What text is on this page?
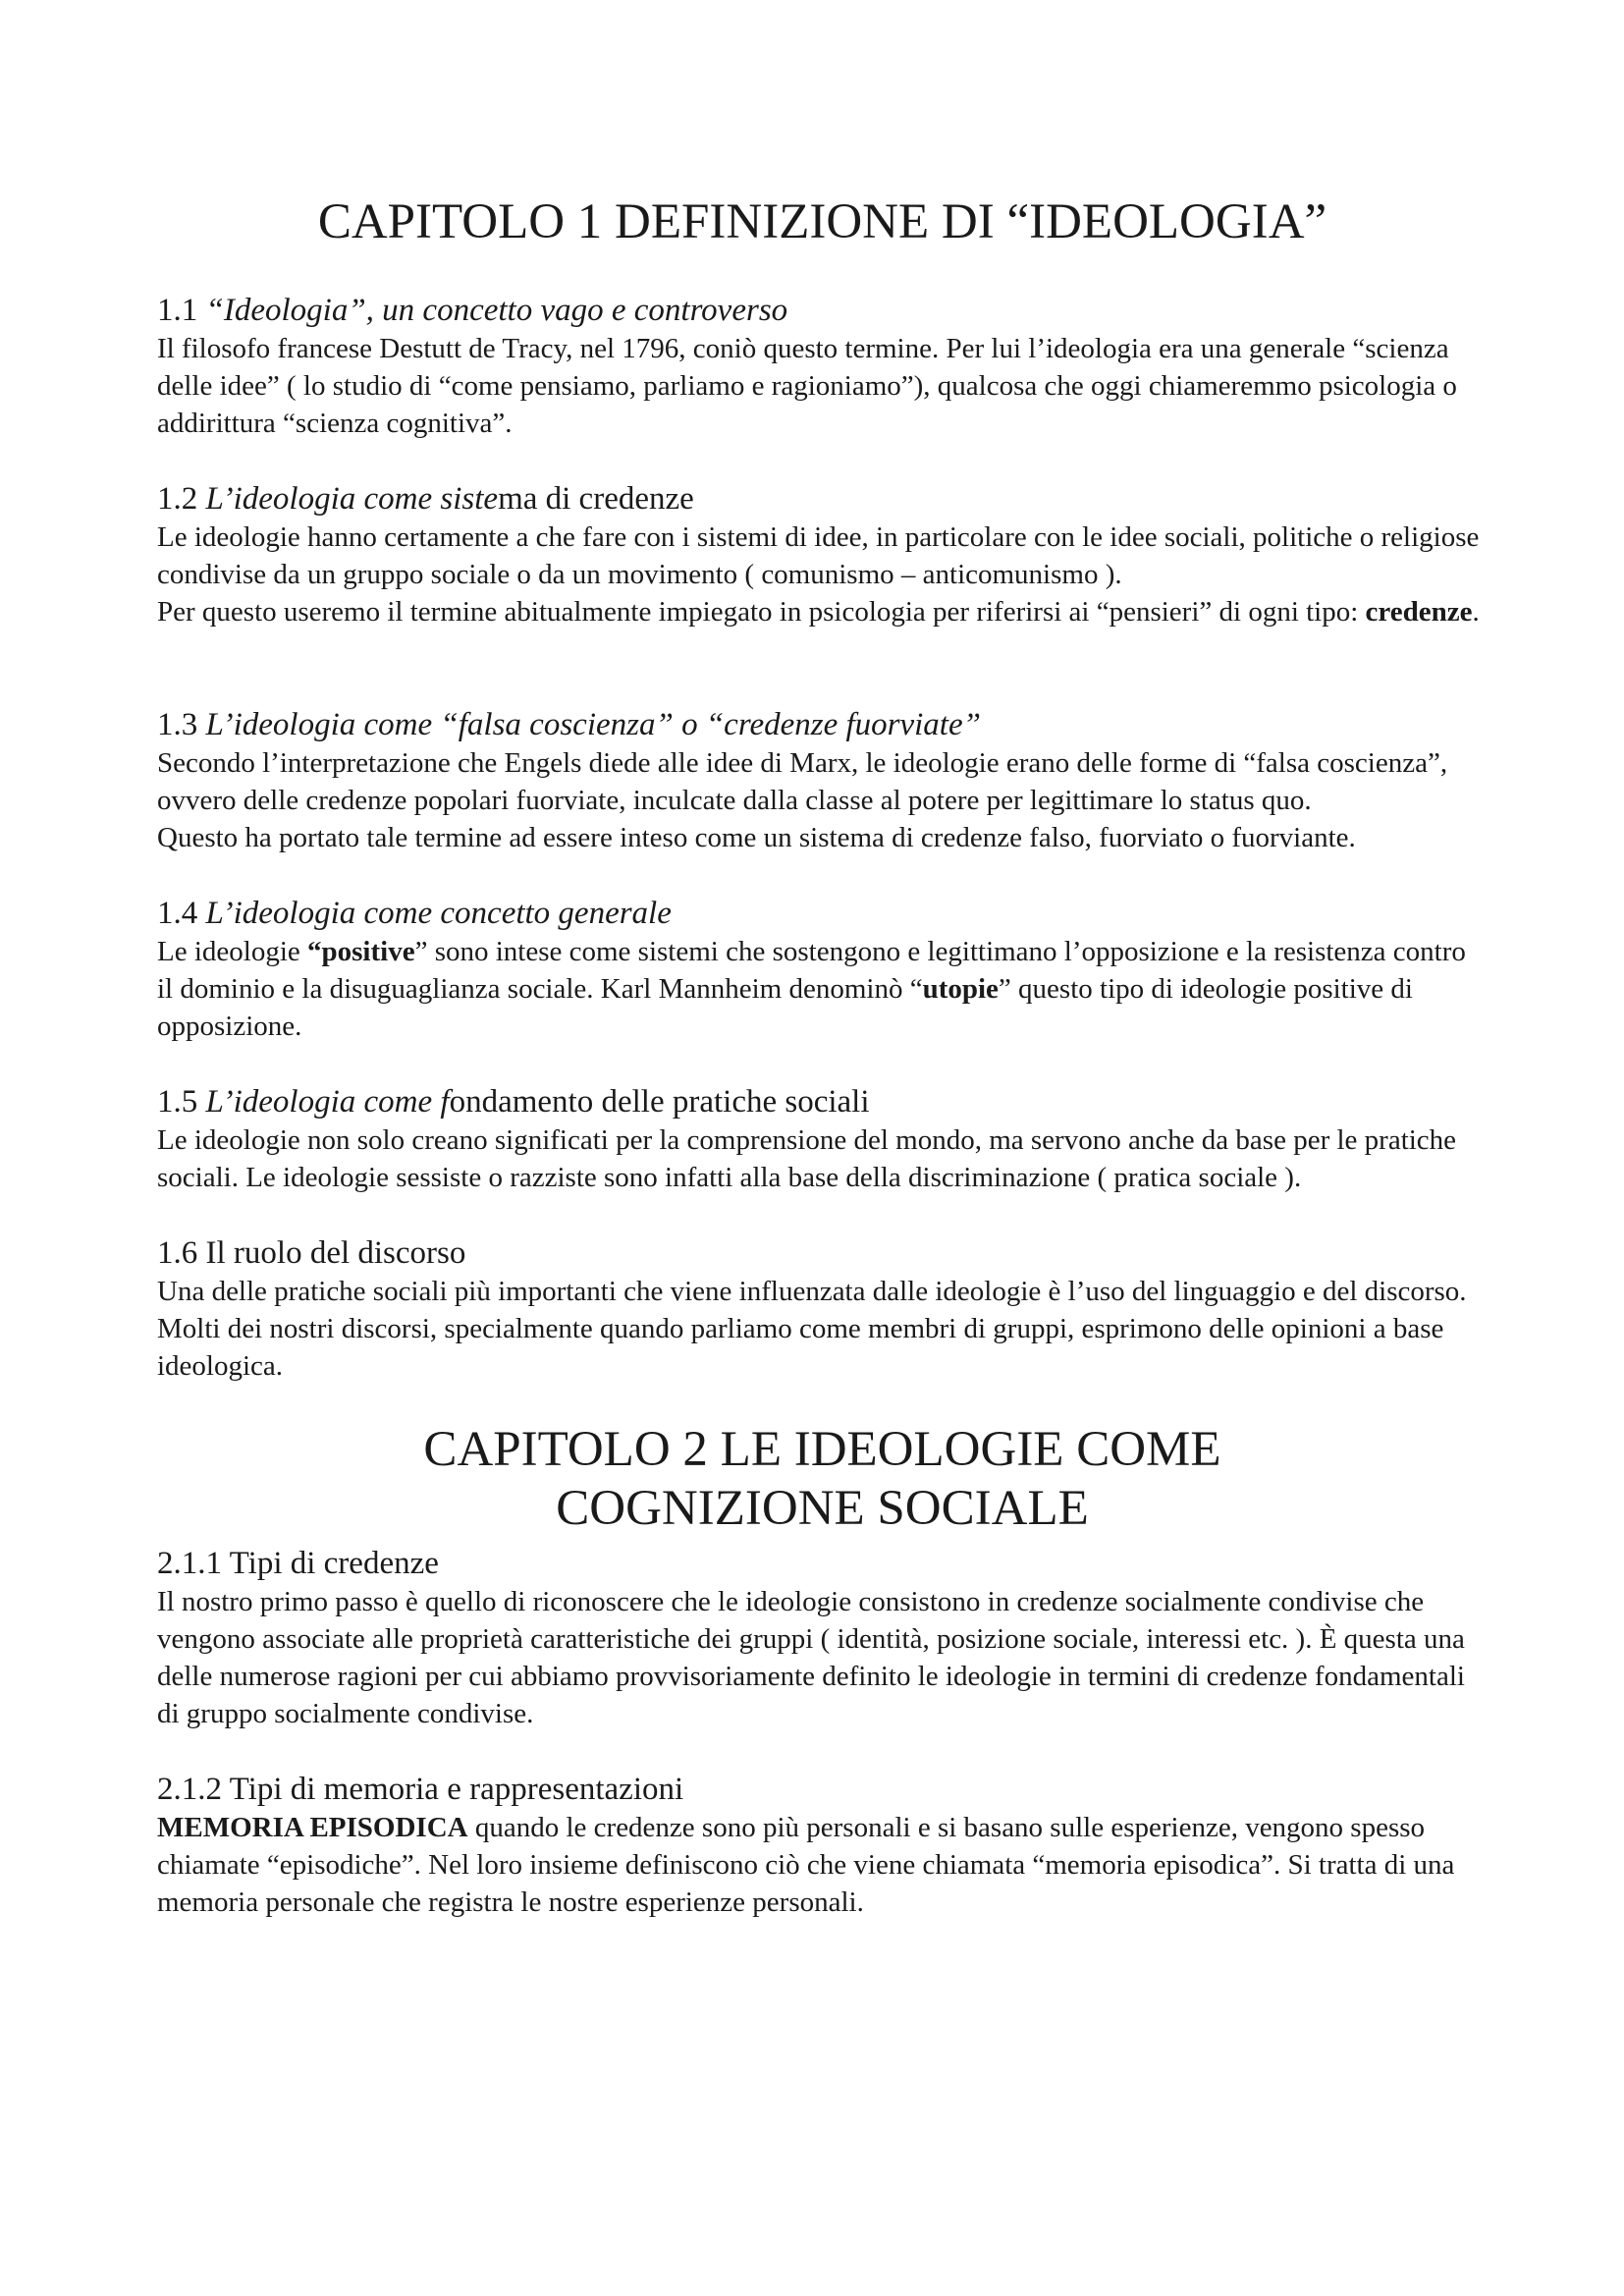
CAPITOLO 1 DEFINIZIONE DI “IDEOLOGIA”
1.1 “Ideologia”, un concetto vago e controverso

Il filosofo francese Destutt de Tracy, nel 1796, coniò questo termine. Per lui l’ideologia era una generale “scienza delle idee” ( lo studio di “come pensiamo, parliamo e ragioniamo”), qualcosa che oggi chiameremmo psicologia o addirittura “scienza cognitiva”.

1.2 L’ideologia come sistema di credenze

Le ideologie hanno certamente a che fare con i sistemi di idee, in particolare con le idee sociali, politiche o religiose condivise da un gruppo sociale o da un movimento ( comunismo – anticomunismo ).

Per questo useremo il termine abitualmente impiegato in psicologia per riferirsi ai “pensieri” di ogni tipo: credenze.

1.3 L’ideologia come “falsa coscienza” o “credenze fuorviate”

Secondo l’interpretazione che Engels diede alle idee di Marx, le ideologie erano delle forme di “falsa coscienza”, ovvero delle credenze popolari fuorviate, inculcate dalla classe al potere per legittimare lo status quo.

Questo ha portato tale termine ad essere inteso come un sistema di credenze falso, fuorviato o fuorviante.

1.4 L’ideologia come concetto generale

Le ideologie “positive” sono intese come sistemi che sostengono e legittimano l’opposizione e la resistenza contro il dominio e la disuguaglianza sociale. Karl Mannheim denominò “utopie” questo tipo di ideologie positive di opposizione.

1.5 L’ideologia come fondamento delle pratiche sociali

Le ideologie non solo creano significati per la comprensione del mondo, ma servono anche da base per le pratiche sociali. Le ideologie sessiste o razziste sono infatti alla base della discriminazione ( pratica sociale ).

1.6 Il ruolo del discorso

Una delle pratiche sociali più importanti che viene influenzata dalle ideologie è l’uso del linguaggio e del discorso. Molti dei nostri discorsi, specialmente quando parliamo come membri di gruppi, esprimono delle opinioni a base ideologica.

CAPITOLO 2 LE IDEOLOGIE COME COGNIZIONE SOCIALE
2.1.1 Tipi di credenze

Il nostro primo passo è quello di riconoscere che le ideologie consistono in credenze socialmente condivise che vengono associate alle proprietà caratteristiche dei gruppi ( identità, posizione sociale, interessi etc. ). È questa una delle numerose ragioni per cui abbiamo provvisoriamente definito le ideologie in termini di credenze fondamentali di gruppo socialmente condivise.

2.1.2 Tipi di memoria e rappresentazioni

MEMORIA EPISODICA quando le credenze sono più personali e si basano sulle esperienze, vengono spesso chiamate “episodiche”. Nel loro insieme definiscono ciò che viene chiamata “memoria episodica”. Si tratta di una memoria personale che registra le nostre esperienze personali.
